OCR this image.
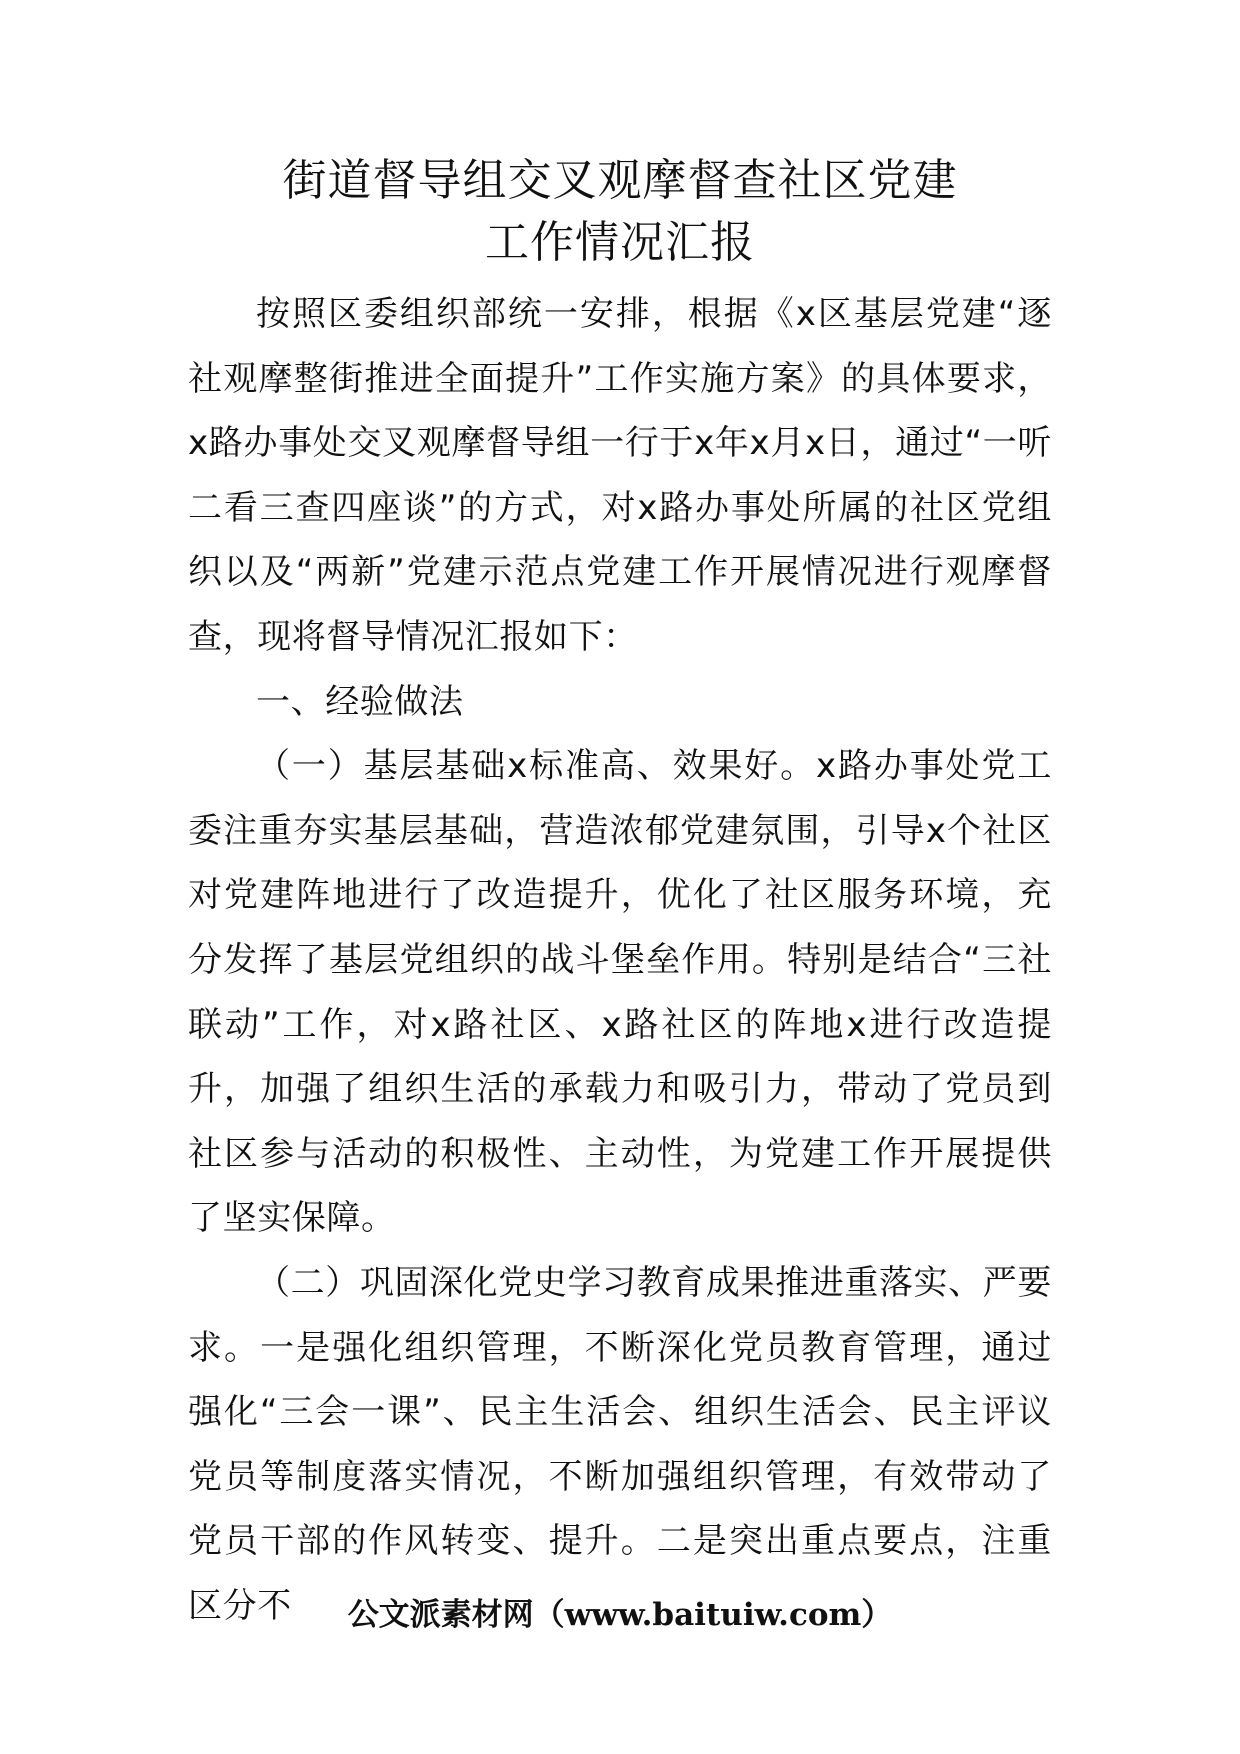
街道督导组交叉观摩督查社区党建
工作情况汇报

按照区委组织部统一安排，根据《x区基层党建“逐社观摩整街推进全面提升”工作实施方案》的具体要求，x路办事处交叉观摩督导组一行于x年x月x日，通过“一听二看三查四座谈”的方式，对x路办事处所属的社区党组织以及“两新”党建示范点党建工作开展情况进行观摩督查，现将督导情况汇报如下：

一、经验做法

（一）基层基础x标准高、效果好。x路办事处党工委注重夯实基层基础，营造浓郁党建氛围，引导x个社区对党建阵地进行了改造提升，优化了社区服务环境，充分发挥了基层党组织的战斗堡垒作用。特别是结合“三社联动”工作，对x路社区、x路社区的阵地x进行改造提升，加强了组织生活的承载力和吸引力，带动了党员到社区参与活动的积极性、主动性，为党建工作开展提供了坚实保障。

（二）巩固深化党史学习教育成果推进重落实、严要求。一是强化组织管理，不断深化党员教育管理，通过强化“三会一课”、民主生活会、组织生活会、民主评议党员等制度落实情况，不断加强组织管理，有效带动了党员干部的作风转变、提升。二是突出重点要点，注重区分不	公文派素材网（www.baituiw.com）
